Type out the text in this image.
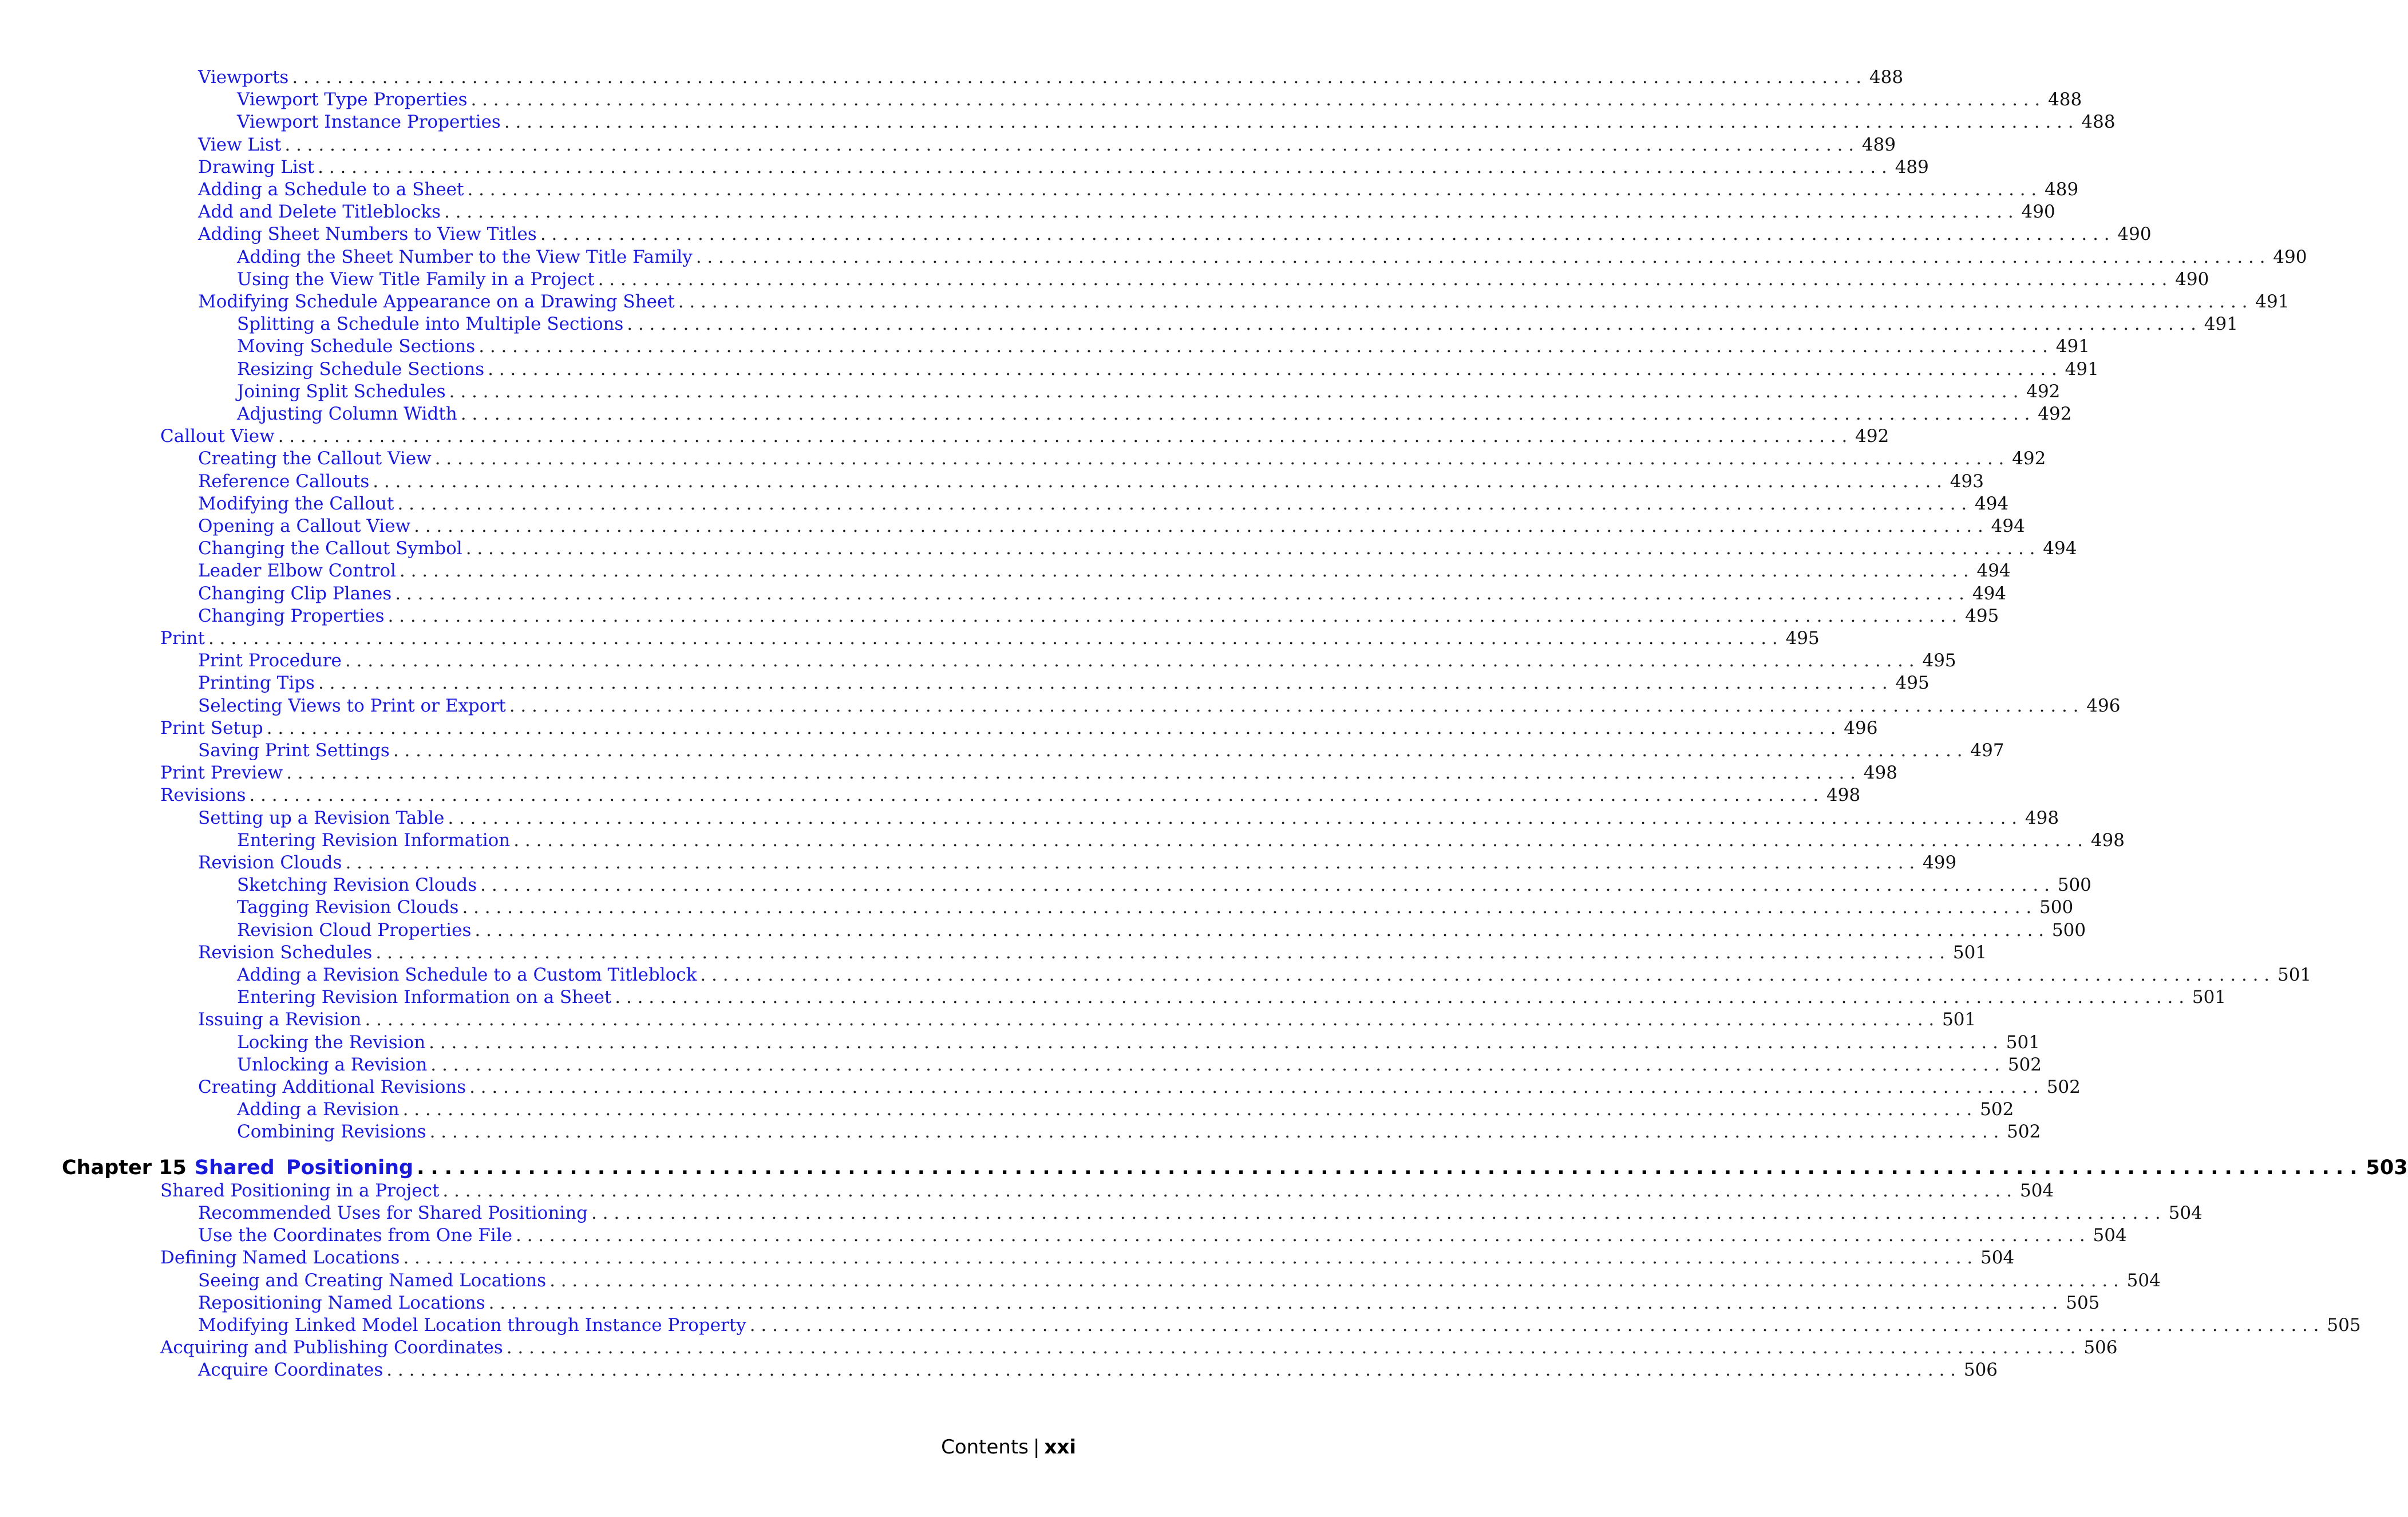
Viewports ............................................................................................................................................ 488
Viewport Type Properties ............................................................................................................................................ 488
Viewport Instance Properties ............................................................................................................................................ 488
View List ............................................................................................................................................ 489
Drawing List ............................................................................................................................................ 489
Adding a Schedule to a Sheet ............................................................................................................................................ 489
Add and Delete Titleblocks ............................................................................................................................................ 490
Adding Sheet Numbers to View Titles ............................................................................................................................................ 490
Adding the Sheet Number to the View Title Family ............................................................................................................................................ 490
Using the View Title Family in a Project ............................................................................................................................................ 490
Modifying Schedule Appearance on a Drawing Sheet ............................................................................................................................................ 491
Splitting a Schedule into Multiple Sections ............................................................................................................................................ 491
Moving Schedule Sections ............................................................................................................................................ 491
Resizing Schedule Sections ............................................................................................................................................ 491
Joining Split Schedules ............................................................................................................................................ 492
Adjusting Column Width ............................................................................................................................................ 492
Callout View ............................................................................................................................................ 492
Creating the Callout View ............................................................................................................................................ 492
Reference Callouts ............................................................................................................................................ 493
Modifying the Callout ............................................................................................................................................ 494
Opening a Callout View ............................................................................................................................................ 494
Changing the Callout Symbol ............................................................................................................................................ 494
Leader Elbow Control ............................................................................................................................................ 494
Changing Clip Planes ............................................................................................................................................ 494
Changing Properties ............................................................................................................................................ 495
Print ............................................................................................................................................ 495
Print Procedure ............................................................................................................................................ 495
Printing Tips ............................................................................................................................................ 495
Selecting Views to Print or Export ............................................................................................................................................ 496
Print Setup ............................................................................................................................................ 496
Saving Print Settings ............................................................................................................................................ 497
Print Preview ............................................................................................................................................ 498
Revisions ............................................................................................................................................ 498
Setting up a Revision Table ............................................................................................................................................ 498
Entering Revision Information ............................................................................................................................................ 498
Revision Clouds ............................................................................................................................................ 499
Sketching Revision Clouds ............................................................................................................................................ 500
Tagging Revision Clouds ............................................................................................................................................ 500
Revision Cloud Properties ............................................................................................................................................ 500
Revision Schedules ............................................................................................................................................ 501
Adding a Revision Schedule to a Custom Titleblock ............................................................................................................................................ 501
Entering Revision Information on a Sheet ............................................................................................................................................ 501
Issuing a Revision ............................................................................................................................................ 501
Locking the Revision ............................................................................................................................................ 501
Unlocking a Revision ............................................................................................................................................ 502
Creating Additional Revisions ............................................................................................................................................ 502
Adding a Revision ............................................................................................................................................ 502
Combining Revisions ............................................................................................................................................ 502
Chapter 15 Shared Positioning ............................................................................................................................................ 503
Shared Positioning in a Project ............................................................................................................................................ 504
Recommended Uses for Shared Positioning ............................................................................................................................................ 504
Use the Coordinates from One File ............................................................................................................................................ 504
Defining Named Locations ............................................................................................................................................ 504
Seeing and Creating Named Locations ............................................................................................................................................ 504
Repositioning Named Locations ............................................................................................................................................ 505
Modifying Linked Model Location through Instance Property ............................................................................................................................................ 505
Acquiring and Publishing Coordinates ............................................................................................................................................ 506
Acquire Coordinates ............................................................................................................................................ 506
Contents | xxi
